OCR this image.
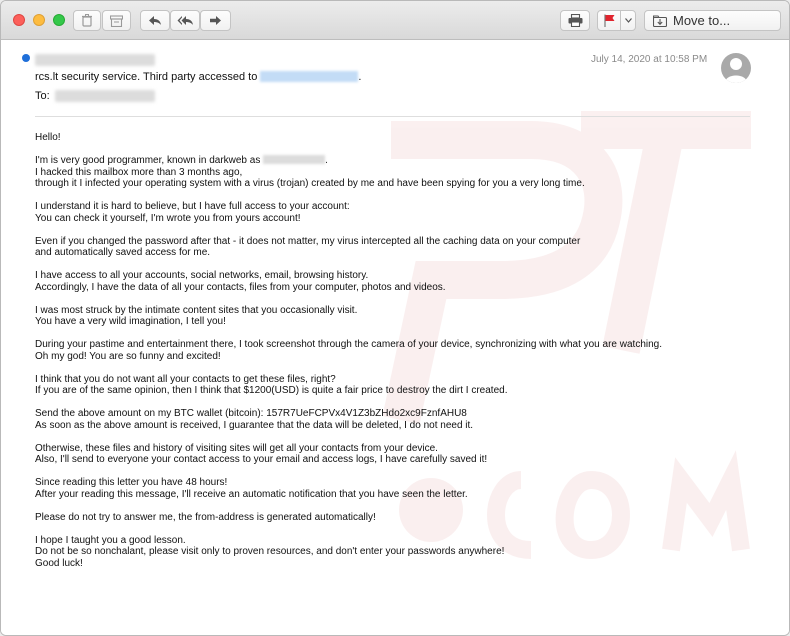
Move to...
rcs.lt security service. Third party accessed to	.
To:
July 14, 2020 at 10:58 PM

Hello!

I'm is very good programmer, known in darkweb as	.
I hacked this mailbox more than 3 months ago,
through it I infected your operating system with a virus (trojan) created by me and have been spying for you a very long time.

I understand it is hard to believe, but I have full access to your account:
You can check it yourself, I'm wrote you from yours account!

Even if you changed the password after that - it does not matter, my virus intercepted all the caching data on your computer
and automatically saved access for me.

I have access to all your accounts, social networks, email, browsing history.
Accordingly, I have the data of all your contacts, files from your computer, photos and videos.

I was most struck by the intimate content sites that you occasionally visit.
You have a very wild imagination, I tell you!

During your pastime and entertainment there, I took screenshot through the camera of your device, synchronizing with what you are watching.
Oh my god! You are so funny and excited!

I think that you do not want all your contacts to get these files, right?
If you are of the same opinion, then I think that $1200(USD) is quite a fair price to destroy the dirt I created.

Send the above amount on my BTC wallet (bitcoin): 157R7UeFCPVx4V1Z3bZHdo2xc9FznfAHU8
As soon as the above amount is received, I guarantee that the data will be deleted, I do not need it.

Otherwise, these files and history of visiting sites will get all your contacts from your device.
Also, I'll send to everyone your contact access to your email and access logs, I have carefully saved it!

Since reading this letter you have 48 hours!
After your reading this message, I'll receive an automatic notification that you have seen the letter.

Please do not try to answer me, the from-address is generated automatically!

I hope I taught you a good lesson.
Do not be so nonchalant, please visit only to proven resources, and don't enter your passwords anywhere!
Good luck!
